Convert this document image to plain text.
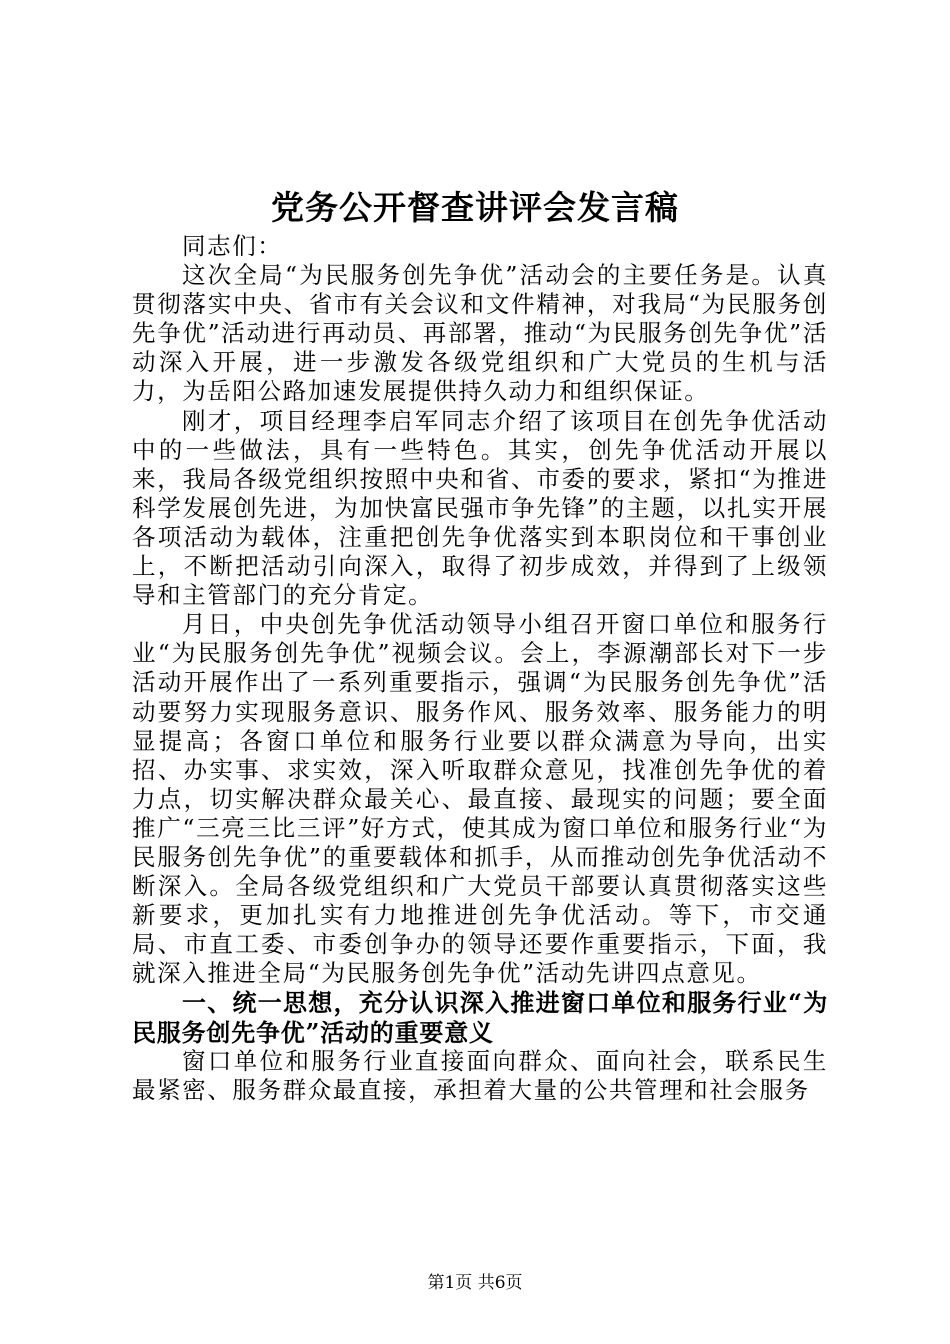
党务公开督查讲评会发言稿

同志们：

这次全局“为民服务创先争优”活动会的主要任务是。认真贯彻落实中央、省市有关会议和文件精神，对我局“为民服务创先争优”活动进行再动员、再部署，推动“为民服务创先争优”活动深入开展，进一步激发各级党组织和广大党员的生机与活力，为岳阳公路加速发展提供持久动力和组织保证。

刚才，项目经理李启军同志介绍了该项目在创先争优活动中的一些做法，具有一些特色。其实，创先争优活动开展以来，我局各级党组织按照中央和省、市委的要求，紧扣“为推进科学发展创先进，为加快富民强市争先锋”的主题，以扎实开展各项活动为载体，注重把创先争优落实到本职岗位和干事创业上，不断把活动引向深入，取得了初步成效，并得到了上级领导和主管部门的充分肯定。

月日，中央创先争优活动领导小组召开窗口单位和服务行业“为民服务创先争优”视频会议。会上，李源潮部长对下一步活动开展作出了一系列重要指示，强调“为民服务创先争优”活动要努力实现服务意识、服务作风、服务效率、服务能力的明显提高；各窗口单位和服务行业要以群众满意为导向，出实招、办实事、求实效，深入听取群众意见，找准创先争优的着力点，切实解决群众最关心、最直接、最现实的问题；要全面推广“三亮三比三评”好方式，使其成为窗口单位和服务行业“为民服务创先争优”的重要载体和抓手，从而推动创先争优活动不断深入。全局各级党组织和广大党员干部要认真贯彻落实这些新要求，更加扎实有力地推进创先争优活动。等下，市交通局、市直工委、市委创争办的领导还要作重要指示，下面，我就深入推进全局“为民服务创先争优”活动先讲四点意见。

一、统一思想，充分认识深入推进窗口单位和服务行业“为民服务创先争优”活动的重要意义

窗口单位和服务行业直接面向群众、面向社会，联系民生最紧密、服务群众最直接，承担着大量的公共管理和社会服务

第1页 共6页
